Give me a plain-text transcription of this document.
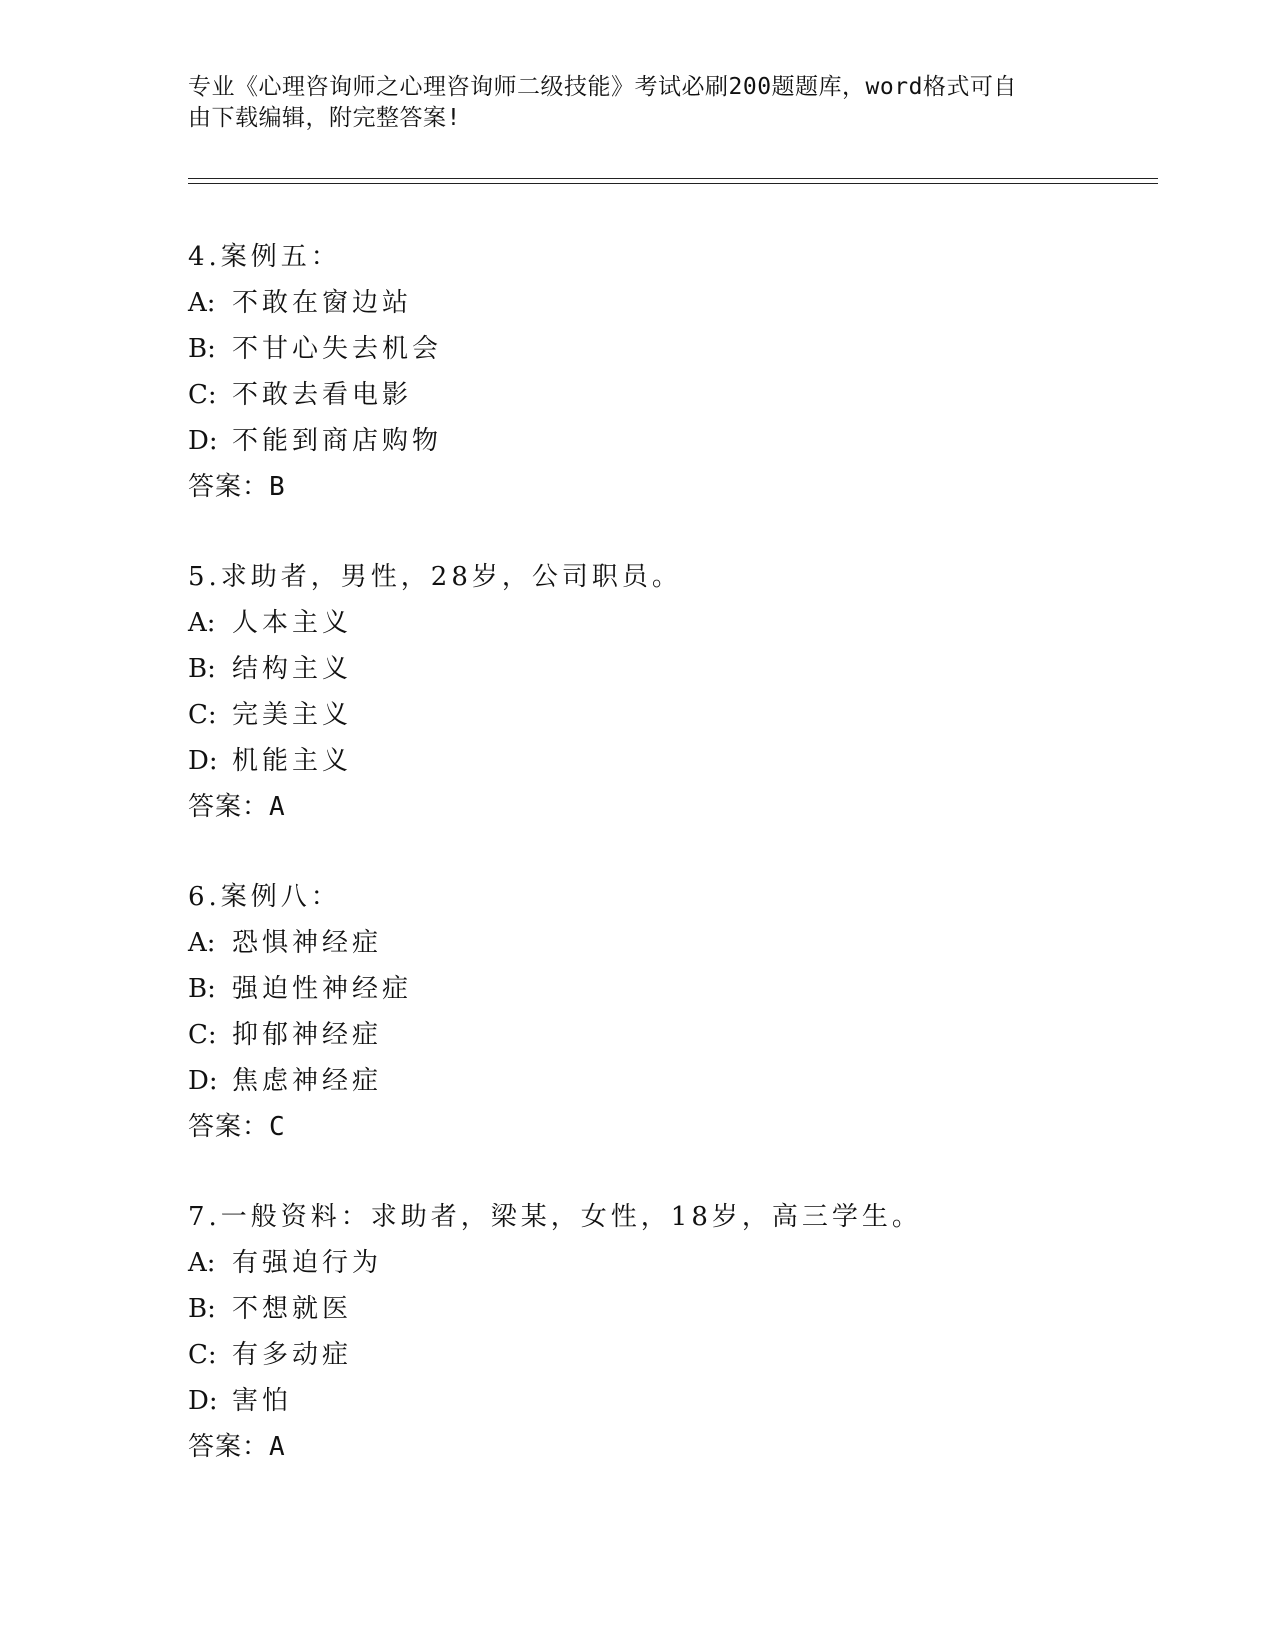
专业《心理咨询师之心理咨询师二级技能》考试必刷200题题库，word格式可自
由下载编辑，附完整答案!
4.案例五：
A: 不敢在窗边站
B: 不甘心失去机会
C: 不敢去看电影
D: 不能到商店购物
答案：B
5.求助者，男性，28岁，公司职员。
A: 人本主义
B: 结构主义
C: 完美主义
D: 机能主义
答案：A
6.案例八：
A: 恐惧神经症
B: 强迫性神经症
C: 抑郁神经症
D: 焦虑神经症
答案：C
7.一般资料：求助者，梁某，女性，18岁，高三学生。
A: 有强迫行为
B: 不想就医
C: 有多动症
D: 害怕
答案：A
